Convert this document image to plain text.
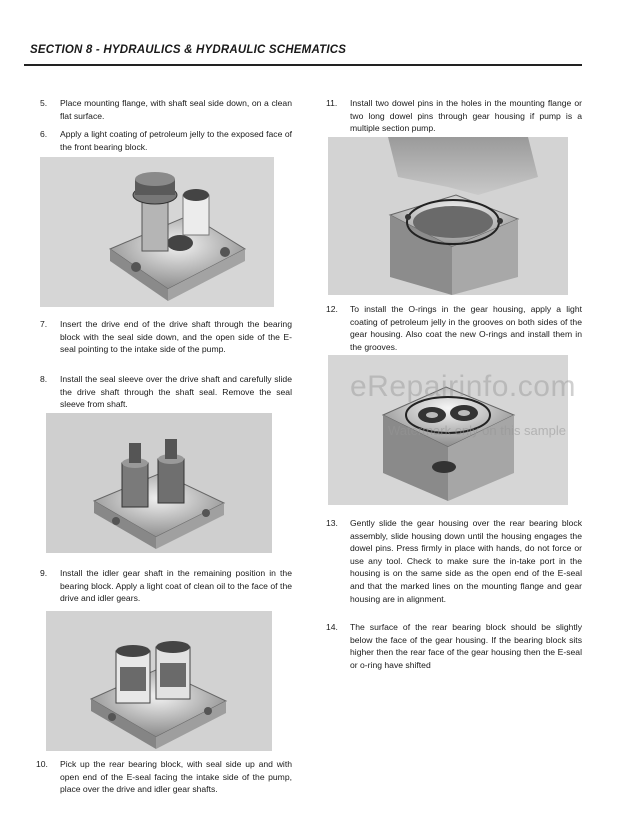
SECTION 8 - HYDRAULICS & HYDRAULIC SCHEMATICS
5. Place mounting flange, with shaft seal side down, on a clean flat surface.
6. Apply a light coating of petroleum jelly to the exposed face of the front bearing block.
7. Insert the drive end of the drive shaft through the bearing block with the seal side down, and the open side of the E-seal pointing to the intake side of the pump.
8. Install the seal sleeve over the drive shaft and carefully slide the drive shaft through the shaft seal. Remove the seal sleeve from shaft.
9. Install the idler gear shaft in the remaining position in the bearing block. Apply a light coat of clean oil to the face of the drive and idler gears.
10. Pick up the rear bearing block, with seal side up and with open end of the E-seal facing the intake side of the pump, place over the drive and idler gear shafts.
11. Install two dowel pins in the holes in the mounting flange or two long dowel pins through gear housing if pump is a multiple section pump.
12. To install the O-rings in the gear housing, apply a light coating of petroleum jelly in the grooves on both sides of the gear housing. Also coat the new O-rings and install them in the grooves.
eRepairinfo.com
Watermark only on this sample
13. Gently slide the gear housing over the rear bearing block assembly, slide housing down until the housing engages the dowel pins. Press firmly in place with hands, do not force or use any tool. Check to make sure the in-take port in the housing is on the same side as the open end of the E-seal and that the marked lines on the mounting flange and gear housing are in alignment.
14. The surface of the rear bearing block should be slightly below the face of the gear housing. If the bearing block sits higher then the rear face of the gear housing then the E-seal or o-ring have shifted
